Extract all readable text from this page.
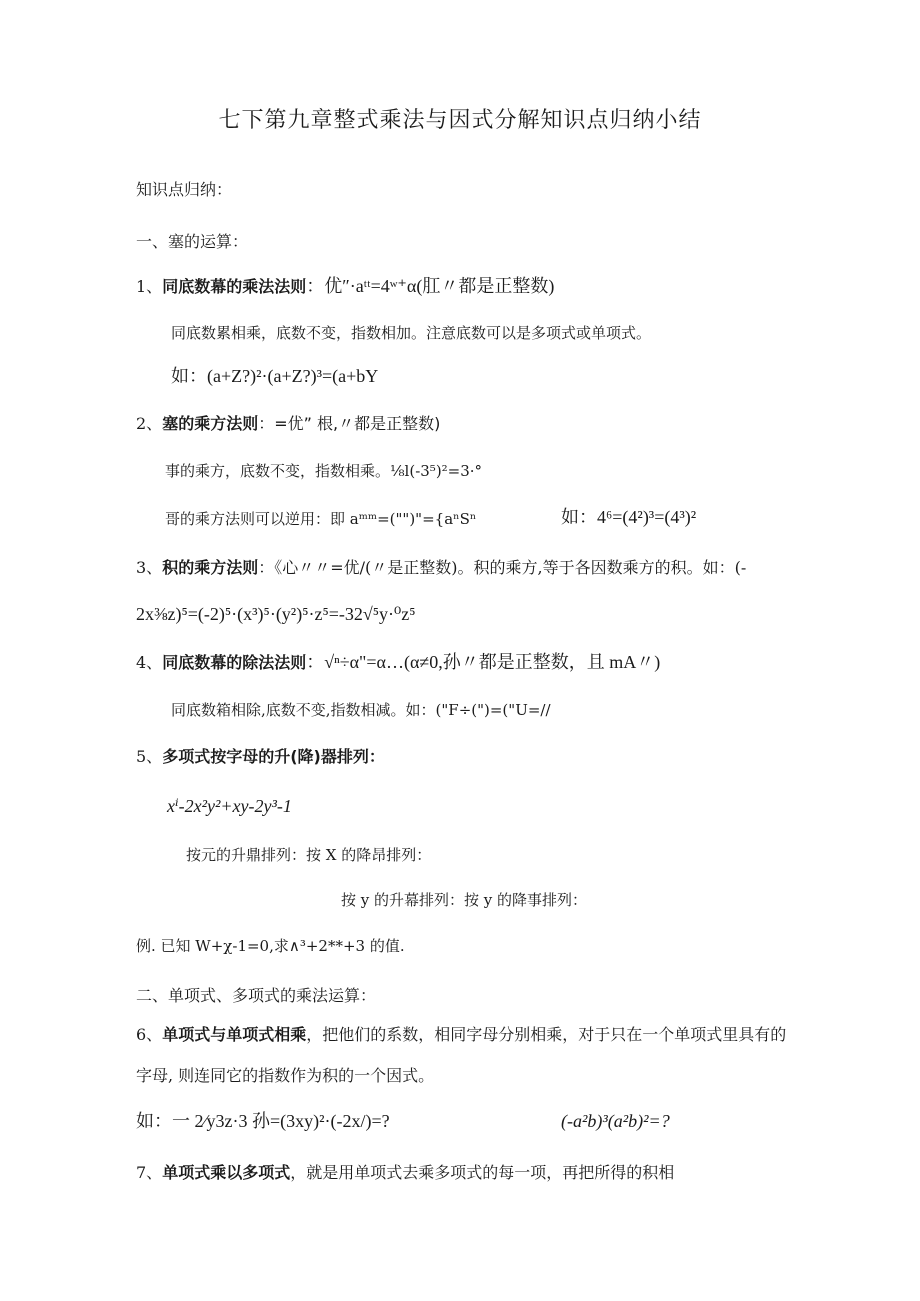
七下第九章整式乘法与因式分解知识点归纳小结
知识点归纳：
一、塞的运算：
1、同底数幕的乘法法则：优″·aᵗᵗ=4ʷ⁺α(肛〃都是正整数)
同底数累相乘，底数不变，指数相加。注意底数可以是多项式或单项式。
如：(a+Z?)²·(a+Z?)³=(a+bY
2、塞的乘方法则：=优” 根,〃都是正整数)
事的乘方，底数不变，指数相乘。⅛l(-3⁵)²=3·°
哥的乘方法则可以逆用：即 aᵐᵐ=("")"={aⁿSⁿ	如：4⁶=(4²)³=(4³)²
3、积的乘方法则：《心〃〃=优/(〃是正整数)。积的乘方,等于各因数乘方的积。如：(-
2x⅜z)⁵=(-2)⁵·(x³)⁵·(y²)⁵·z⁵=-32√⁵y·⁰z⁵
4、同底数幕的除法法则：√ⁿ÷α"=α…(α≠0,孙〃都是正整数，且 mA〃)
同底数箱相除,底数不变,指数相减。如：("F÷(")=("U=//
5、多项式按字母的升(降)器排列：
xⁱ-2x²y²+xy-2y³-1
按元的升鼎排列：按 X 的降昂排列：
按 y 的升幕排列：按 y 的降事排列：
例. 已知 W+χ-1=0,求∧³+2**+3 的值.
二、单项式、多项式的乘法运算：
6、单项式与单项式相乘，把他们的系数，相同字母分别相乘，对于只在一个单项式里具有的
字母, 则连同它的指数作为积的一个因式。
如：一 2⁄y3z·3 孙=(3xy)²·(-2x/)=?	(-a²b)³(a²b)²=?
7、单项式乘以多项式，就是用单项式去乘多项式的每一项，再把所得的积相
